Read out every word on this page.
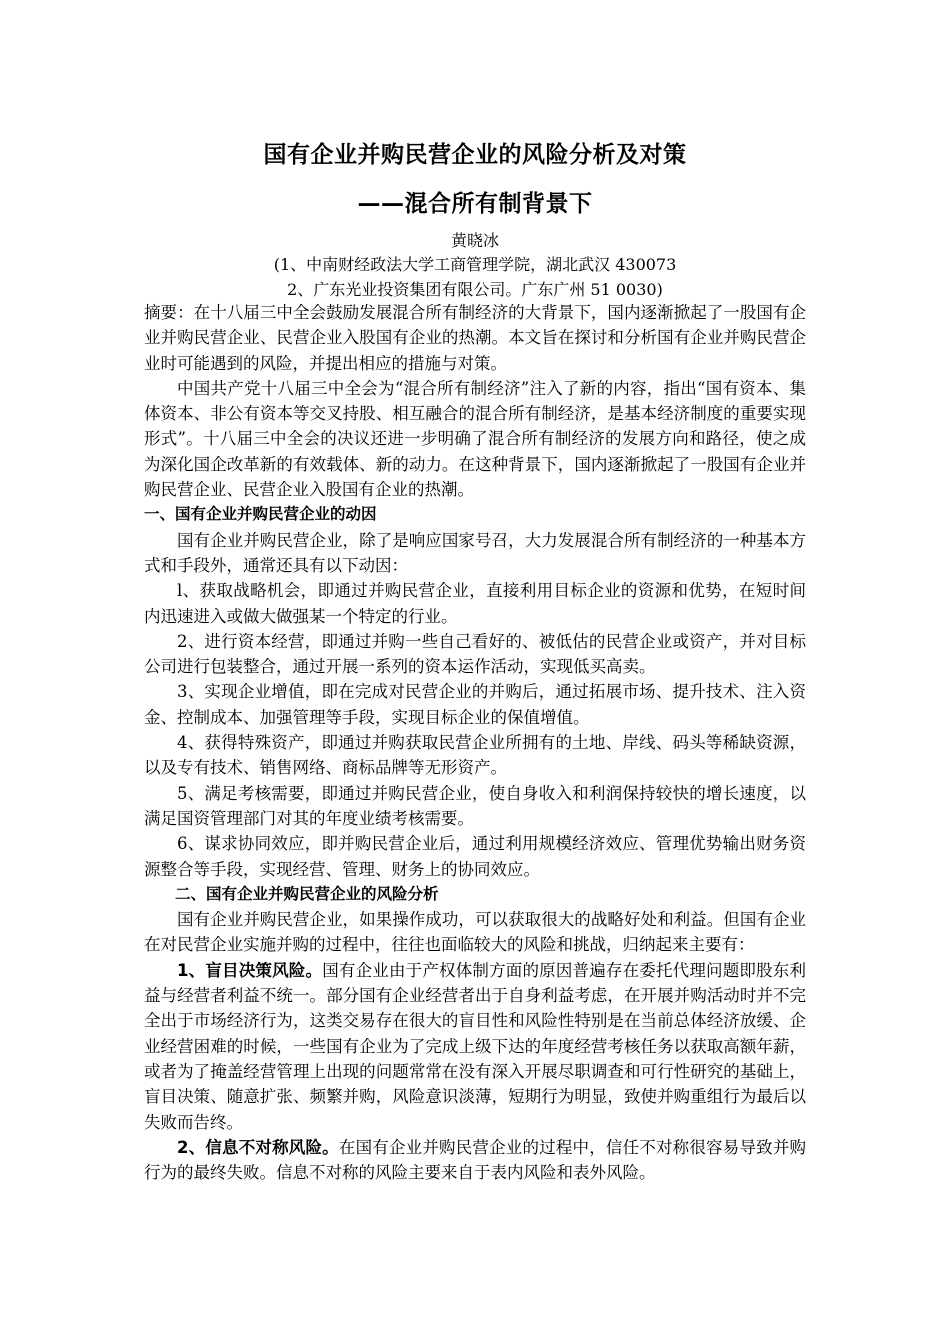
国有企业并购民营企业的风险分析及对策
——混合所有制背景下
黄晓冰
(1、中南财经政法大学工商管理学院，湖北武汉 430073
2、广东光业投资集团有限公司。广东广州 51 0030)

摘要：在十八届三中全会鼓励发展混合所有制经济的大背景下，国内逐渐掀起了一股国有企业并购民营企业、民营企业入股国有企业的热潮。本文旨在探讨和分析国有企业并购民营企业时可能遇到的风险，并提出相应的措施与对策。

中国共产党十八届三中全会为“混合所有制经济”注入了新的内容，指出“国有资本、集体资本、非公有资本等交叉持股、相互融合的混合所有制经济，是基本经济制度的重要实现形式”。十八届三中全会的决议还进一步明确了混合所有制经济的发展方向和路径，使之成为深化国企改革新的有效载体、新的动力。在这种背景下，国内逐渐掀起了一股国有企业并购民营企业、民营企业入股国有企业的热潮。

一、国有企业并购民营企业的动因

国有企业并购民营企业，除了是响应国家号召，大力发展混合所有制经济的一种基本方式和手段外，通常还具有以下动因：

l、获取战略机会，即通过并购民营企业，直接利用目标企业的资源和优势，在短时间内迅速进入或做大做强某一个特定的行业。

2、进行资本经营，即通过并购一些自己看好的、被低估的民营企业或资产，并对目标公司进行包装整合，通过开展一系列的资本运作活动，实现低买高卖。

3、实现企业增值，即在完成对民营企业的并购后，通过拓展市场、提升技术、注入资金、控制成本、加强管理等手段，实现目标企业的保值增值。

4、获得特殊资产，即通过并购获取民营企业所拥有的土地、岸线、码头等稀缺资源，以及专有技术、销售网络、商标品牌等无形资产。

5、满足考核需要，即通过并购民营企业，使自身收入和利润保持较快的增长速度，以满足国资管理部门对其的年度业绩考核需要。

6、谋求协同效应，即并购民营企业后，通过利用规模经济效应、管理优势输出财务资源整合等手段，实现经营、管理、财务上的协同效应。

二、国有企业并购民营企业的风险分析

国有企业并购民营企业，如果操作成功，可以获取很大的战略好处和利益。但国有企业在对民营企业实施并购的过程中，往往也面临较大的风险和挑战，归纳起来主要有：

1、盲目决策风险。国有企业由于产权体制方面的原因普遍存在委托代理问题即股东利益与经营者利益不统一。部分国有企业经营者出于自身利益考虑，在开展并购活动时并不完全出于市场经济行为，这类交易存在很大的盲目性和风险性特别是在当前总体经济放缓、企业经营困难的时候，一些国有企业为了完成上级下达的年度经营考核任务以获取高额年薪，或者为了掩盖经营管理上出现的问题常常在没有深入开展尽职调查和可行性研究的基础上，盲目决策、随意扩张、频繁并购，风险意识淡薄，短期行为明显，致使并购重组行为最后以失败而告终。

2、信息不对称风险。在国有企业并购民营企业的过程中，信任不对称很容易导致并购行为的最终失败。信息不对称的风险主要来自于表内风险和表外风险。
